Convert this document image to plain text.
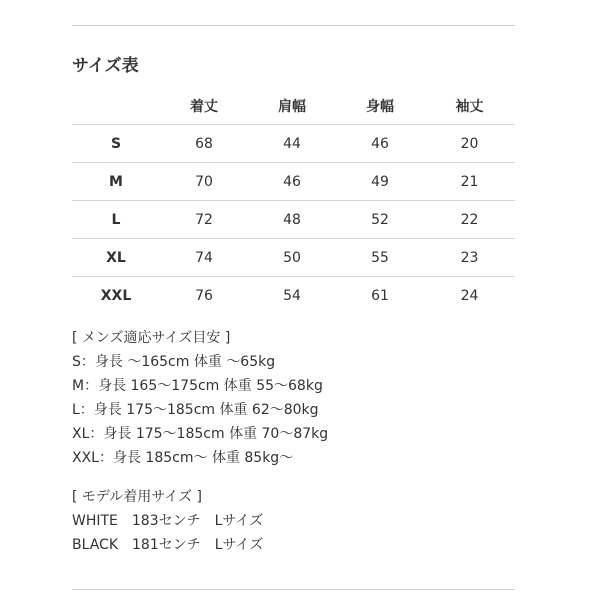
サイズ表
	着丈	肩幅	身幅	袖丈
S	68	44	46	20
M	70	46	49	21
L	72	48	52	22
XL	74	50	55	23
XXL	76	54	61	24
[ メンズ適応サイズ目安 ]
S：身長 ～165cm 体重 ～65kg
M：身長 165～175cm 体重 55～68kg
L：身長 175～185cm 体重 62～80kg
XL：身長 175～185cm 体重 70～87kg
XXL：身長 185cm～ 体重 85kg～
[ モデル着用サイズ ]
WHITE　183センチ　Lサイズ
BLACK　181センチ　Lサイズ
